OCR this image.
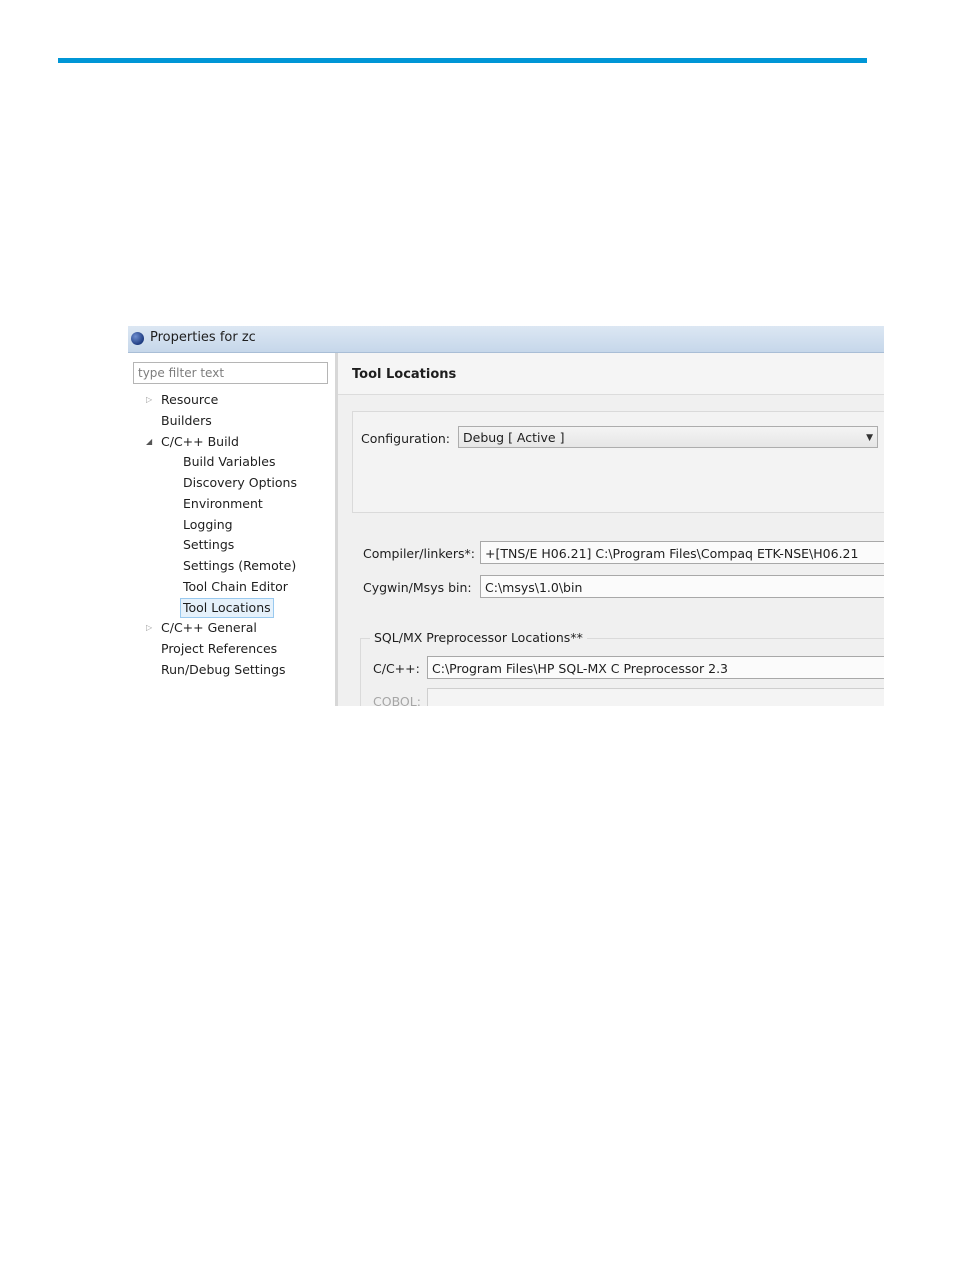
Properties for zc
type filter text
▷ Resource
Builders
◢ C/C++ Build
Build Variables
Discovery Options
Environment
Logging
Settings
Settings (Remote)
Tool Chain Editor
Tool Locations
▷ C/C++ General
Project References
Run/Debug Settings
Tool Locations
Configuration:	Debug [ Active ]	▼
Compiler/linkers*: +[TNS/E H06.21] C:\Program Files\Compaq ETK-NSE\H06.21
Cygwin/Msys bin:	C:\msys\1.0\bin
SQL/MX Preprocessor Locations**
C/C++: C:\Program Files\HP SQL-MX C Preprocessor 2.3
COBOL:
